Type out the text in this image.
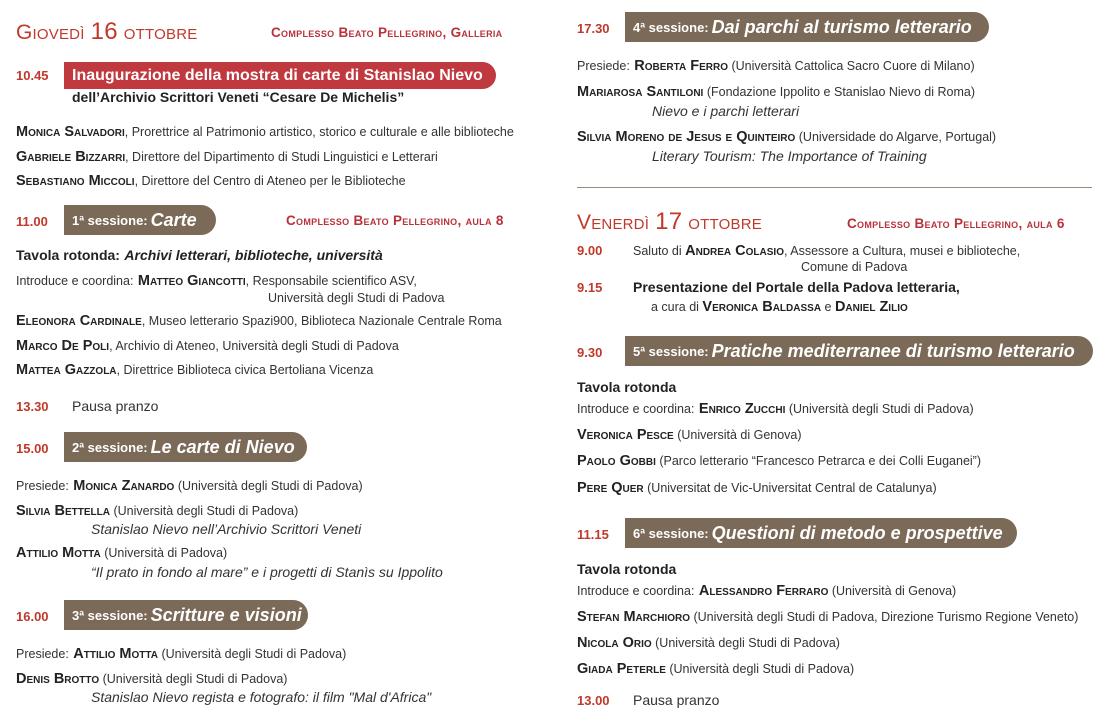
Giovedì 16 ottobre	Complesso Beato Pellegrino, Galleria
10.45 Inaugurazione della mostra di carte di Stanislao Nievo
dell’Archivio Scrittori Veneti “Cesare De Michelis”
Monica Salvadori, Prorettrice al Patrimonio artistico, storico e culturale e alle biblioteche
Gabriele Bizzarri, Direttore del Dipartimento di Studi Linguistici e Letterari
Sebastiano Miccoli, Direttore del Centro di Ateneo per le Biblioteche
11.00 1ª sessione: Carte	Complesso Beato Pellegrino, aula 8
Tavola rotonda: Archivi letterari, biblioteche, università
Introduce e coordina: Matteo Giancotti, Responsabile scientifico ASV,
Università degli Studi di Padova
Eleonora Cardinale, Museo letterario Spazi900, Biblioteca Nazionale Centrale Roma
Marco De Poli, Archivio di Ateneo, Università degli Studi di Padova
Mattea Gazzola, Direttrice Biblioteca civica Bertoliana Vicenza
13.30 Pausa pranzo
15.00 2ª sessione: Le carte di Nievo
Presiede: Monica Zanardo (Università degli Studi di Padova)
Silvia Bettella (Università degli Studi di Padova)
Stanislao Nievo nell’Archivio Scrittori Veneti
Attilio Motta (Università di Padova)
“Il prato in fondo al mare” e i progetti di Stanìs su Ippolito
16.00 3ª sessione: Scritture e visioni
Presiede: Attilio Motta (Università degli Studi di Padova)
Denis Brotto (Università degli Studi di Padova)
Stanislao Nievo regista e fotografo: il film "Mal d'Africa"
17.30 4ª sessione: Dai parchi al turismo letterario
Presiede: Roberta Ferro (Università Cattolica Sacro Cuore di Milano)
Mariarosa Santiloni (Fondazione Ippolito e Stanislao Nievo di Roma)
Nievo e i parchi letterari
Silvia Moreno de Jesus e Quinteiro (Universidade do Algarve, Portugal)
Literary Tourism: The Importance of Training
Venerdì 17 ottobre	Complesso Beato Pellegrino, aula 6
9.00 Saluto di Andrea Colasio, Assessore a Cultura, musei e biblioteche,
Comune di Padova
9.15 Presentazione del Portale della Padova letteraria,
a cura di Veronica Baldassa e Daniel Zilio
9.30 5ª sessione: Pratiche mediterranee di turismo letterario
Tavola rotonda
Introduce e coordina: Enrico Zucchi (Università degli Studi di Padova)
Veronica Pesce (Università di Genova)
Paolo Gobbi (Parco letterario “Francesco Petrarca e dei Colli Euganei”)
Pere Quer (Universitat de Vic-Universitat Central de Catalunya)
11.15 6ª sessione: Questioni di metodo e prospettive
Tavola rotonda
Introduce e coordina: Alessandro Ferraro (Università di Genova)
Stefan Marchioro (Università degli Studi di Padova, Direzione Turismo Regione Veneto)
Nicola Orio (Università degli Studi di Padova)
Giada Peterle (Università degli Studi di Padova)
13.00 Pausa pranzo
